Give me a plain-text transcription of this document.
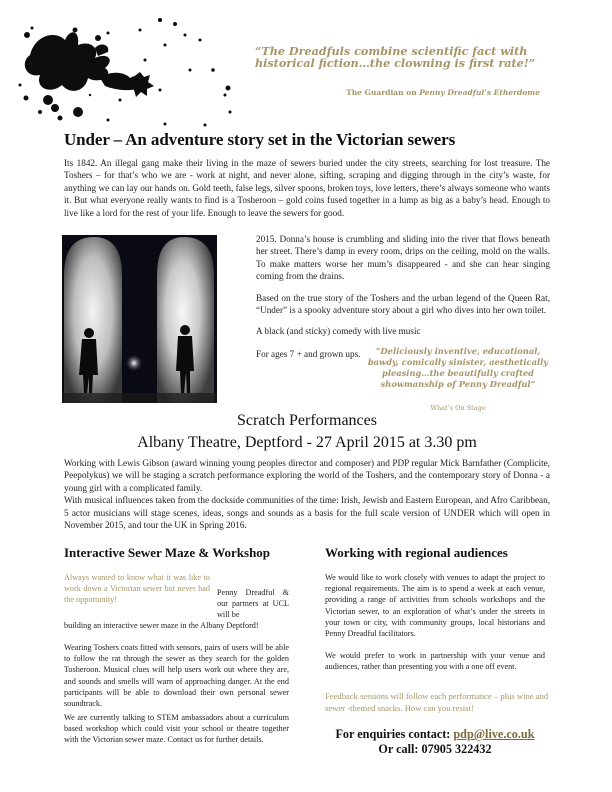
“The Dreadfuls combine scientific fact with historical fiction…the clowning is first rate!”
The Guardian on Penny Dreadful’s Etherdome
Under – An adventure story set in the Victorian sewers
Its 1842. An illegal gang make their living in the maze of sewers buried under the city streets, searching for lost treasure. The Toshers – for that’s who we are - work at night, and never alone, sifting, scraping and digging through in the city’s waste, for anything we can lay our hands on. Gold teeth, false legs, silver spoons, broken toys, love letters, there’s always someone who wants it. But what everyone really wants to find is a Tosheroon – gold coins fused together in a lump as big as a baby’s head. Enough to live like a lord for the rest of your life. Enough to leave the sewers for good.

2015. Donna’s house is crumbling and sliding into the river that flows beneath her street. There’s damp in every room, drips on the ceiling, mold on the walls. To make matters worse her mum’s disappeared - and she can hear singing coming from the drains.

Based on the true story of the Toshers and the urban legend of the Queen Rat, “Under” is a spooky adventure story about a girl who dives into her own toilet.

A black (and sticky) comedy with live music

For ages 7 + and grown ups.	“Deliciously inventive, educational, bawdy, comically sinister, aesthetically pleasing…the beautifully crafted showmanship of Penny Dreadful”
What’s On Stage
Scratch Performances
Albany Theatre, Deptford - 27 April 2015 at 3.30 pm

Working with Lewis Gibson (award winning young peoples director and composer) and PDP regular Mick Barnfather (Complicite, Peepolykus) we will be staging a scratch performance exploring the world of the Toshers, and the contemporary story of Donna - a young girl with a complicated family.

With musical influences taken from the dockside communities of the time: Irish, Jewish and Eastern European, and Afro Caribbean, 5 actor musicians will stage scenes, ideas, songs and sounds as a basis for the full scale version of UNDER which will open in November 2015, and tour the UK in Spring 2016.

Interactive Sewer Maze & Workshop
Always wanted to know what it was like to work down a Victorian sewer but never had the opportunity!
Penny Dreadful & our partners at UCL will be
building an interactive sewer maze in the Albany Deptford!
Wearing Toshers coats fitted with sensors, pairs of users will be able to follow the rat through the sewer as they search for the golden Tosheroon. Musical clues will help users work out where they are, and sounds and smells will warn of approaching danger. At the end participants will be able to download their own personal sewer soundtrack.
We are currently talking to STEM ambassadors about a curriculum based workshop which could visit your school or theatre together with the Victorian sewer maze. Contact us for further details.
Working with regional audiences
We would like to work closely with venues to adapt the project to regional requirements. The aim is to spend a week at each venue, providing a range of activities from schools workshops and the Victorian sewer, to an exploration of what’s under the streets in your town or city, with community groups, local historians and Penny Dreadful facilitators.
We would prefer to work in partnership with your venue and audiences, rather than presenting you with a one off event.
Feedback sessions will follow each performance – plus wine and sewer -themed snacks. How can you resist!
For enquiries contact: pdp@live.co.uk
Or call: 07905 322432
